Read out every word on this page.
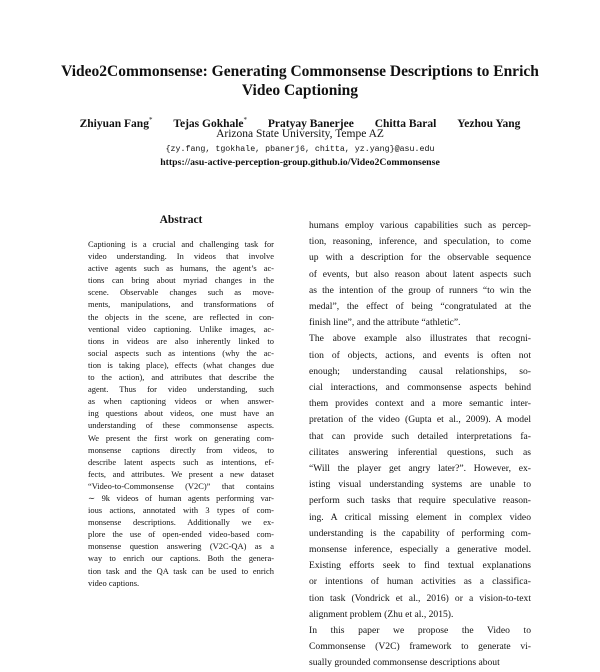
Video2Commonsense: Generating Commonsense Descriptions to Enrich
Video Captioning
Zhiyuan Fang* Tejas Gokhale* Pratyay Banerjee Chitta Baral Yezhou Yang
Arizona State University, Tempe AZ
{zy.fang, tgokhale, pbanerj6, chitta, yz.yang}@asu.edu
https://asu-active-perception-group.github.io/Video2Commonsense
Abstract
Captioning is a crucial and challenging task for
video understanding. In videos that involve
active agents such as humans, the agent’s ac-
tions can bring about myriad changes in the
scene. Observable changes such as move-
ments, manipulations, and transformations of
the objects in the scene, are reflected in con-
ventional video captioning. Unlike images, ac-
tions in videos are also inherently linked to
social aspects such as intentions (why the ac-
tion is taking place), effects (what changes due
to the action), and attributes that describe the
agent. Thus for video understanding, such
as when captioning videos or when answer-
ing questions about videos, one must have an
understanding of these commonsense aspects.
We present the first work on generating com-
monsense captions directly from videos, to
describe latent aspects such as intentions, ef-
fects, and attributes. We present a new dataset
“Video-to-Commonsense (V2C)” that contains
∼ 9k videos of human agents performing var-
ious actions, annotated with 3 types of com-
monsense descriptions. Additionally we ex-
plore the use of open-ended video-based com-
monsense question answering (V2C-QA) as a
way to enrich our captions. Both the genera-
tion task and the QA task can be used to enrich
video captions.
humans employ various capabilities such as percep-
tion, reasoning, inference, and speculation, to come
up with a description for the observable sequence
of events, but also reason about latent aspects such
as the intention of the group of runners “to win the
medal”, the effect of being “congratulated at the
finish line”, and the attribute “athletic”.
The above example also illustrates that recogni-
tion of objects, actions, and events is often not
enough; understanding causal relationships, so-
cial interactions, and commonsense aspects behind
them provides context and a more semantic inter-
pretation of the video (Gupta et al., 2009). A model
that can provide such detailed interpretations fa-
cilitates answering inferential questions, such as
“Will the player get angry later?”. However, ex-
isting visual understanding systems are unable to
perform such tasks that require speculative reason-
ing. A critical missing element in complex video
understanding is the capability of performing com-
monsense inference, especially a generative model.
Existing efforts seek to find textual explanations
or intentions of human activities as a classifica-
tion task (Vondrick et al., 2016) or a vision-to-text
alignment problem (Zhu et al., 2015).
In this paper we propose the Video to
Commonsense (V2C) framework to generate vi-
sually grounded commonsense descriptions about
